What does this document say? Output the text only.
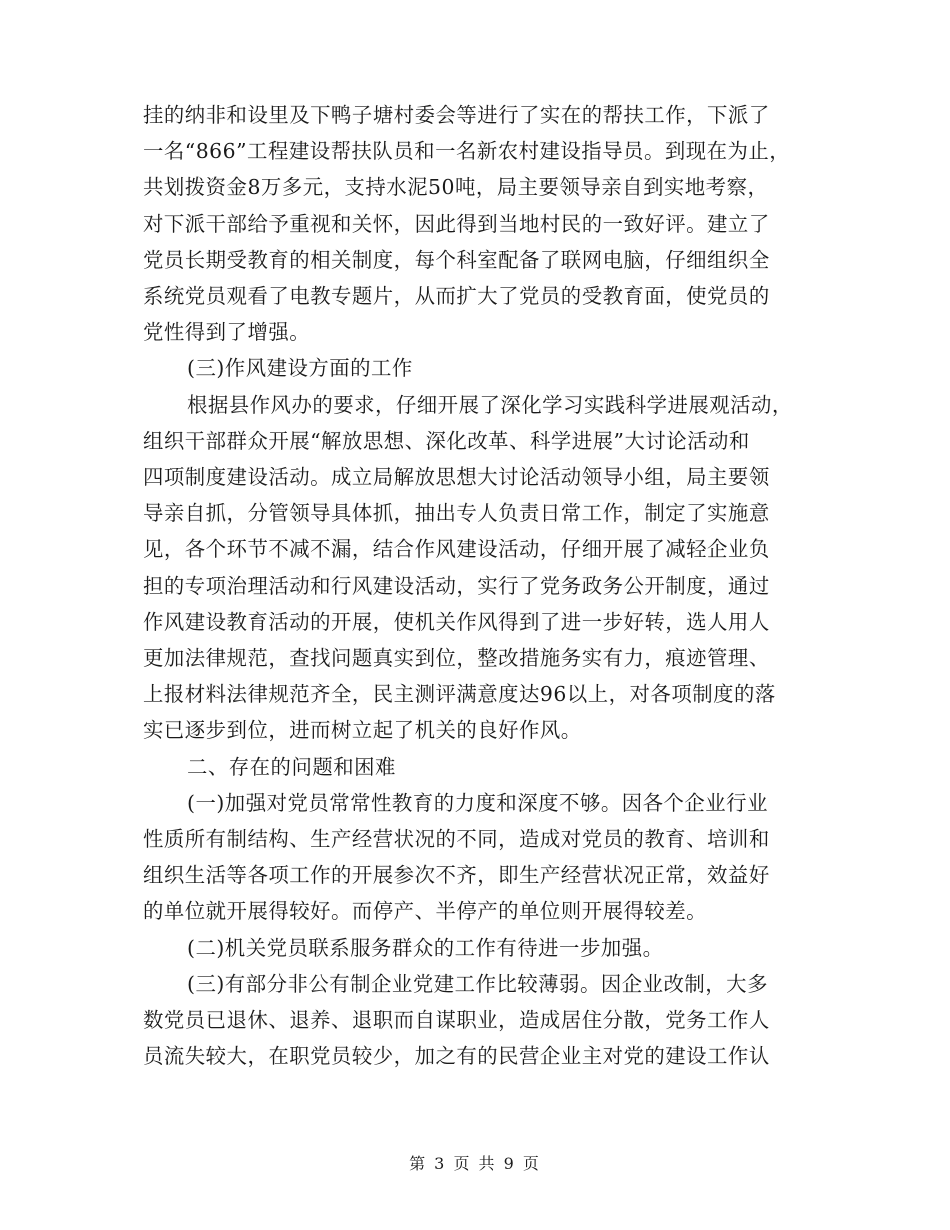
挂的纳非和设里及下鸭子塘村委会等进行了实在的帮扶工作，下派了
一名“866”工程建设帮扶队员和一名新农村建设指导员。到现在为止，
共划拨资金8万多元，支持水泥50吨，局主要领导亲自到实地考察，
对下派干部给予重视和关怀，因此得到当地村民的一致好评。建立了
党员长期受教育的相关制度，每个科室配备了联网电脑，仔细组织全
系统党员观看了电教专题片，从而扩大了党员的受教育面，使党员的
党性得到了增强。
(三)作风建设方面的工作
根据县作风办的要求，仔细开展了深化学习实践科学进展观活动，
组织干部群众开展“解放思想、深化改革、科学进展”大讨论活动和
四项制度建设活动。成立局解放思想大讨论活动领导小组，局主要领
导亲自抓，分管领导具体抓，抽出专人负责日常工作，制定了实施意
见，各个环节不减不漏，结合作风建设活动，仔细开展了减轻企业负
担的专项治理活动和行风建设活动，实行了党务政务公开制度，通过
作风建设教育活动的开展，使机关作风得到了进一步好转，选人用人
更加法律规范，查找问题真实到位，整改措施务实有力，痕迹管理、
上报材料法律规范齐全，民主测评满意度达96以上，对各项制度的落
实已逐步到位，进而树立起了机关的良好作风。
二、存在的问题和困难
(一)加强对党员常常性教育的力度和深度不够。因各个企业行业
性质所有制结构、生产经营状况的不同，造成对党员的教育、培训和
组织生活等各项工作的开展参次不齐，即生产经营状况正常，效益好
的单位就开展得较好。而停产、半停产的单位则开展得较差。
(二)机关党员联系服务群众的工作有待进一步加强。
(三)有部分非公有制企业党建工作比较薄弱。因企业改制，大多
数党员已退休、退养、退职而自谋职业，造成居住分散，党务工作人
员流失较大，在职党员较少，加之有的民营企业主对党的建设工作认
第 3 页 共 9 页
